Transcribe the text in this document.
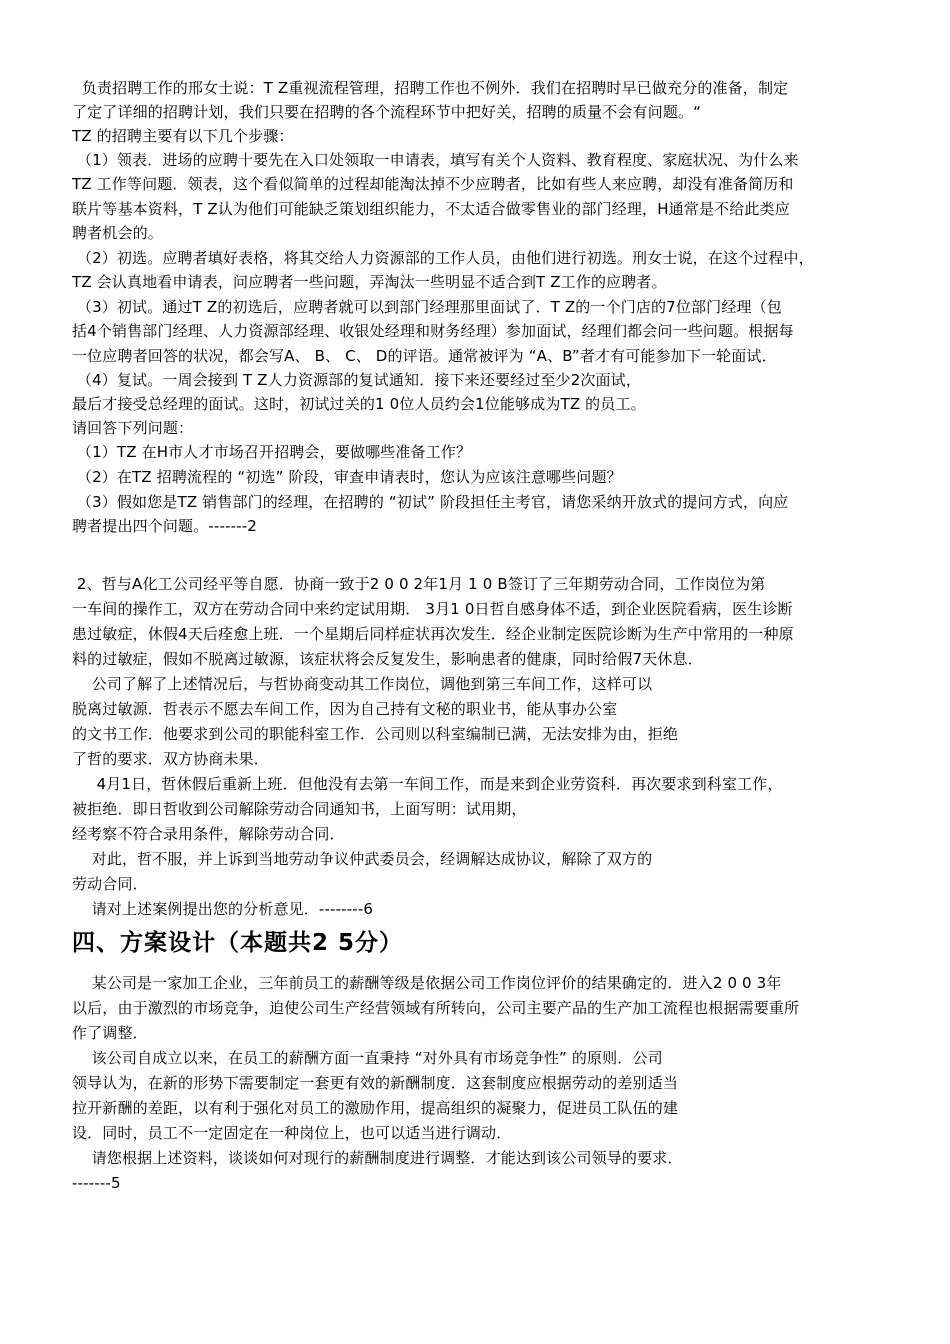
负责招聘工作的邢女士说：T Z重视流程管理，招聘工作也不例外．我们在招聘时早已做充分的准备，制定
了定了详细的招聘计划，我们只要在招聘的各个流程环节中把好关，招聘的质量不会有问题。“
TZ 的招聘主要有以下几个步骤：
（1）领表．进场的应聘十要先在入口处领取一申请表，填写有关个人资料、教育程度、家庭状况、为什么来
TZ 工作等问题．领表，这个看似简单的过程却能淘汰掉不少应聘者，比如有些人来应聘，却没有准备简历和
联片等基本资料，T Z认为他们可能缺乏策划组织能力，不太适合做零售业的部门经理，H通常是不给此类应
聘者机会的。
（2）初选。应聘者填好表格，将其交给人力资源部的工作人员，由他们进行初选。刑女士说，在这个过程中，
TZ 会认真地看申请表，问应聘者一些问题，弄淘汰一些明显不适合到T Z工作的应聘者。
（3）初试。通过T Z的初选后，应聘者就可以到部门经理那里面试了．T Z的一个门店的7位部门经理（包
括4个销售部门经理、人力资源部经理、收银处经理和财务经理）参加面试，经理们都会问一些问题。根据每
一位应聘者回答的状况，都会写A、 B、 C、 D的评语。通常被评为 “A、B”者才有可能参加下一轮面试．
（4）复试。一周会接到 T Z人力资源部的复试通知．接下来还要经过至少2次面试，
最后才接受总经理的面试。这时，初试过关的1 0位人员约会1位能够成为TZ 的员工。
请回答下列问题：
（1）TZ 在H市人才市场召开招聘会，要做哪些准备工作？
（2）在TZ 招聘流程的 “初选” 阶段，审查申请表时，您认为应该注意哪些问题？
（3）假如您是TZ 销售部门的经理，在招聘的 “初试” 阶段担任主考官，请您采纳开放式的提问方式，向应
聘者提出四个问题。-------2
2、哲与A化工公司经平等自愿．协商一致于2 0 0 2年1月 1 0 B签订了三年期劳动合同，工作岗位为第
一车间的操作工，双方在劳动合同中来约定试用期． 3月1 0日哲自感身体不适，到企业医院看病，医生诊断
患过敏症，休假4天后痊愈上班．一个星期后同样症状再次发生．经企业制定医院诊断为生产中常用的一种原
料的过敏症，假如不脱离过敏源，该症状将会反复发生，影响患者的健康，同时给假7天休息．
公司了解了上述情况后，与哲协商变动其工作岗位，调他到第三车间工作，这样可以
脱离过敏源．哲表示不愿去车间工作，因为自己持有文秘的职业书，能从事办公室
的文书工作．他要求到公司的职能科室工作．公司则以科室编制已满，无法安排为由，拒绝
了哲的要求．双方协商未果．
4月1日，哲休假后重新上班．但他没有去第一车间工作，而是来到企业劳资科．再次要求到科室工作，
被拒绝．即日哲收到公司解除劳动合同通知书，上面写明：试用期，
经考察不符合录用条件，解除劳动合同．
对此，哲不服，并上诉到当地劳动争议仲武委员会，经调解达成协议，解除了双方的
劳动合同．
请对上述案例提出您的分析意见．--------6
四、方案设计（本题共2 5分）
某公司是一家加工企业，三年前员工的薪酬等级是依据公司工作岗位评价的结果确定的．进入2 0 0 3年
以后，由于激烈的市场竞争，迫使公司生产经营领域有所转向，公司主要产品的生产加工流程也根据需要重所
作了调整．
该公司自成立以来，在员工的薪酬方面一直秉持 “对外具有市场竞争性” 的原则．公司
领导认为，在新的形势下需要制定一套更有效的新酬制度．这套制度应根据劳动的差别适当
拉开新酬的差距，以有利于强化对员工的激励作用，提高组织的凝聚力，促进员工队伍的建
设．同时，员工不一定固定在一种岗位上，也可以适当进行调动．
请您根据上述资料，谈谈如何对现行的薪酬制度进行调整．才能达到该公司领导的要求．
-------5
